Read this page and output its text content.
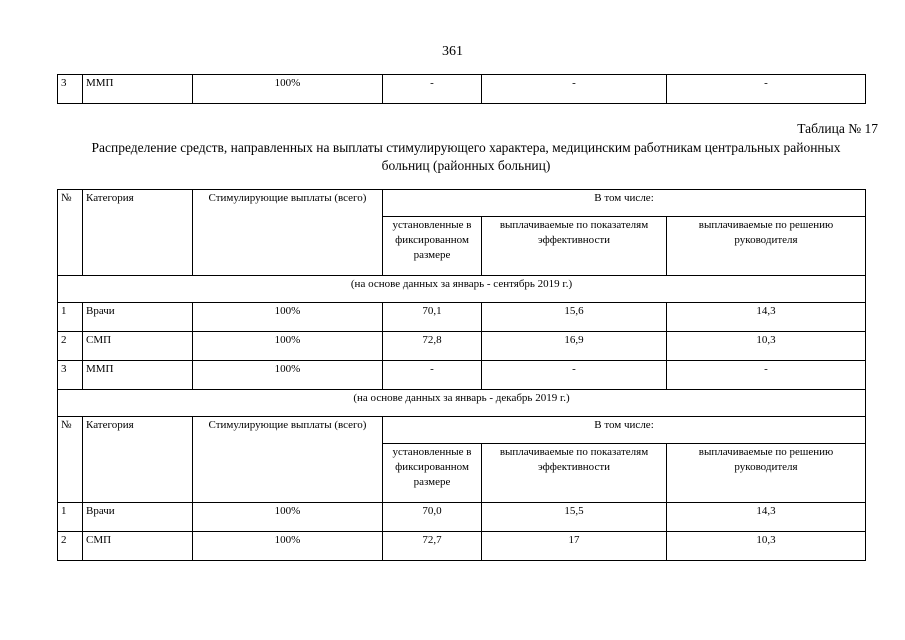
361
3	ММП	100%	-	-	-
Таблица № 17
Распределение средств, направленных на выплаты стимулирующего характера, медицинским работникам центральных районных
больниц (районных больниц)
№	Категория	Стимулирующие выплаты (всего)	В том числе:		
			установленные в фиксированном размере	выплачиваемые по показателям эффективности	выплачиваемые по решению руководителя
(на основе данных за январь - сентябрь 2019 г.)					
1	Врачи	100%	70,1	15,6	14,3
2	СМП	100%	72,8	16,9	10,3
3	ММП	100%	-	-	-
(на основе данных за январь - декабрь 2019 г.)					
№	Категория	Стимулирующие выплаты (всего)	В том числе:		
			установленные в фиксированном размере	выплачиваемые по показателям эффективности	выплачиваемые по решению руководителя
1	Врачи	100%	70,0	15,5	14,3
2	СМП	100%	72,7	17	10,3
